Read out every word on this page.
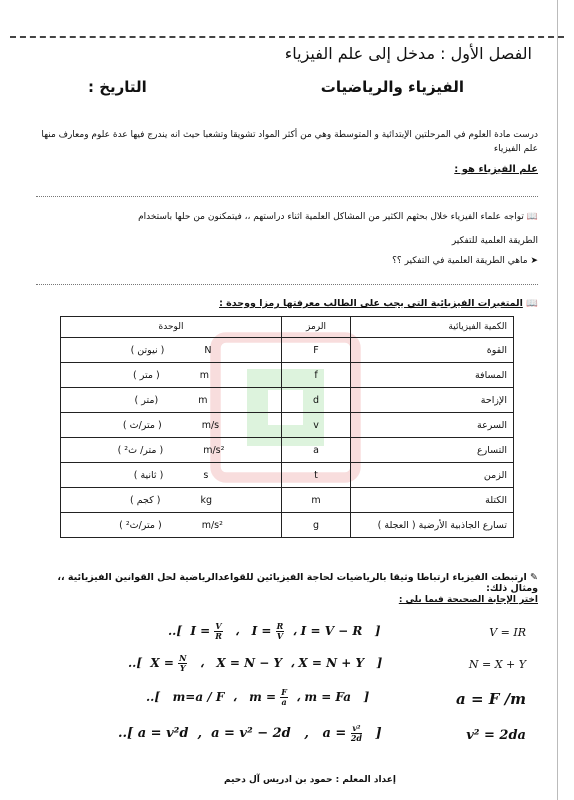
الفصل الأول : مدخل إلى علم الفيزياء
الفيزياء والرياضيات
التاريخ :
درست مادة العلوم في المرحلتين الإبتدائية و المتوسطة وهي من أكثر المواد تشويقا وتشعبا حيث انه يندرج فيها عدة علوم ومعارف منها علم الفيزياء
علم الفيزياء هو :
📖 تواجه علماء الفيزياء خلال بحثهم الكثير من المشاكل العلمية اثناء دراستهم ،، فيتمكنون من حلها باستخدام
الطريقة العلمية للتفكير
➤ ماهي الطريقة العلمية في التفكير ؟؟
📖 المتغيرات الفيزيائية التي يجب على الطالب معرفتها رمزا ووحدة :
الكمية الفيزيائية	الرمز	الوحدة
القوة	F	( نيوتن ) N

المسافة	f	( متر ) m

الإزاحة	d	( متر) m

السرعة	v	( متر/ث ) m/s

التسارع	a	( متر/ ث² ) m/s²

الزمن	t	( ثانية ) s

الكتلة	m	( كجم ) kg

تسارع الجاذبية الأرضية ( العجلة )	g	( متر/ث² ) m/s²
✎ ارتبطت الفيزياء ارتباطا وثيقا بالرياضيات لحاجة الفيزيائين للقواعدالرياضية لحل القوانين الفيزيائية ،، ومثال ذلك:
اختر الإجابة الصحيحة فيما يلي :
V = IR
..[  $I = \frac{V}{R}$ ،   $I = \frac{R}{V}$ ، I = V − R   ]
N = X + Y
..[  $X = \frac{N}{Y}$ ،   X = N − Y  ، X = N + Y   ]
a = F /m
..[   m=a / F  ،   $m = \frac{F}{a}$ ، m = Fa   ]
v² = 2da
..[ a = v²d  ,  a = v² − 2d   ,   $a = \frac{\text{v²}}{2d}$ ]
إعداد المعلم : حمود بن ادريس آل دحيم
